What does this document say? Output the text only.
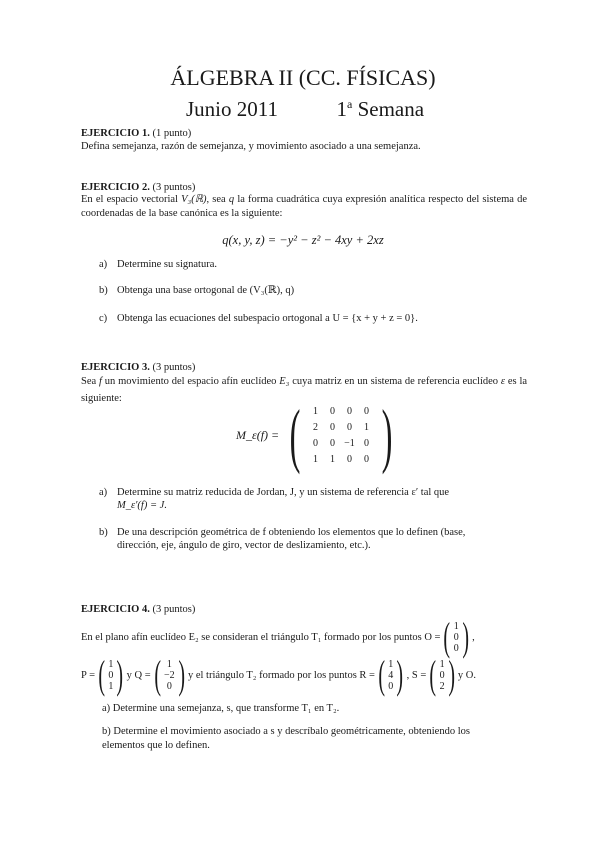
ÁLGEBRA II (CC. FÍSICAS)
Junio 2011	1$^a$ Semana
EJERCICIO 1. (1 punto)
Defina semejanza, razón de semejanza, y movimiento asociado a una semejanza.
EJERCICIO 2. (3 puntos)
En el espacio vectorial V₃(ℝ), sea q la forma cuadrática cuya expresión analítica respecto del sistema de coordenadas de la base canónica es la siguiente:
q(x, y, z) = −y² − z² − 4xy + 2xz
a) Determine su signatura.
b) Obtenga una base ortogonal de (V₃(ℝ), q)
c) Obtenga las ecuaciones del subespacio ortogonal a U = {x + y + z = 0}.
EJERCICIO 3. (3 puntos)
Sea f un movimiento del espacio afín euclídeo E₃ cuya matriz en un sistema de referencia euclídeo ε es la siguiente:
M_ε(f) = ( 1	0	0	0
2	0	0	1
0	0	−1	0
1	1	0	0 )
a) Determine su matriz reducida de Jordan, J, y un sistema de referencia ε′ tal que
M_ε′(f) = J.
b) De una descripción geométrica de f obteniendo los elementos que lo definen (base,
dirección, eje, ángulo de giro, vector de deslizamiento, etc.).
EJERCICIO 4. (3 puntos)
En el plano afín euclídeo E₂ se consideran el triángulo T₁ formado por los puntos O = ( 1
0
0 ) ,
P = ( 1
0
1 ) y Q = ( 1
−2
0 ) y el triángulo T₂ formado por los puntos R = ( 1
4
0 ) , S = ( 1
0
2 ) y O.
a) Determine una semejanza, s, que transforme T₁ en T₂.
b) Determine el movimiento asociado a s y descríbalo geométricamente, obteniendo los
elementos que lo definen.
